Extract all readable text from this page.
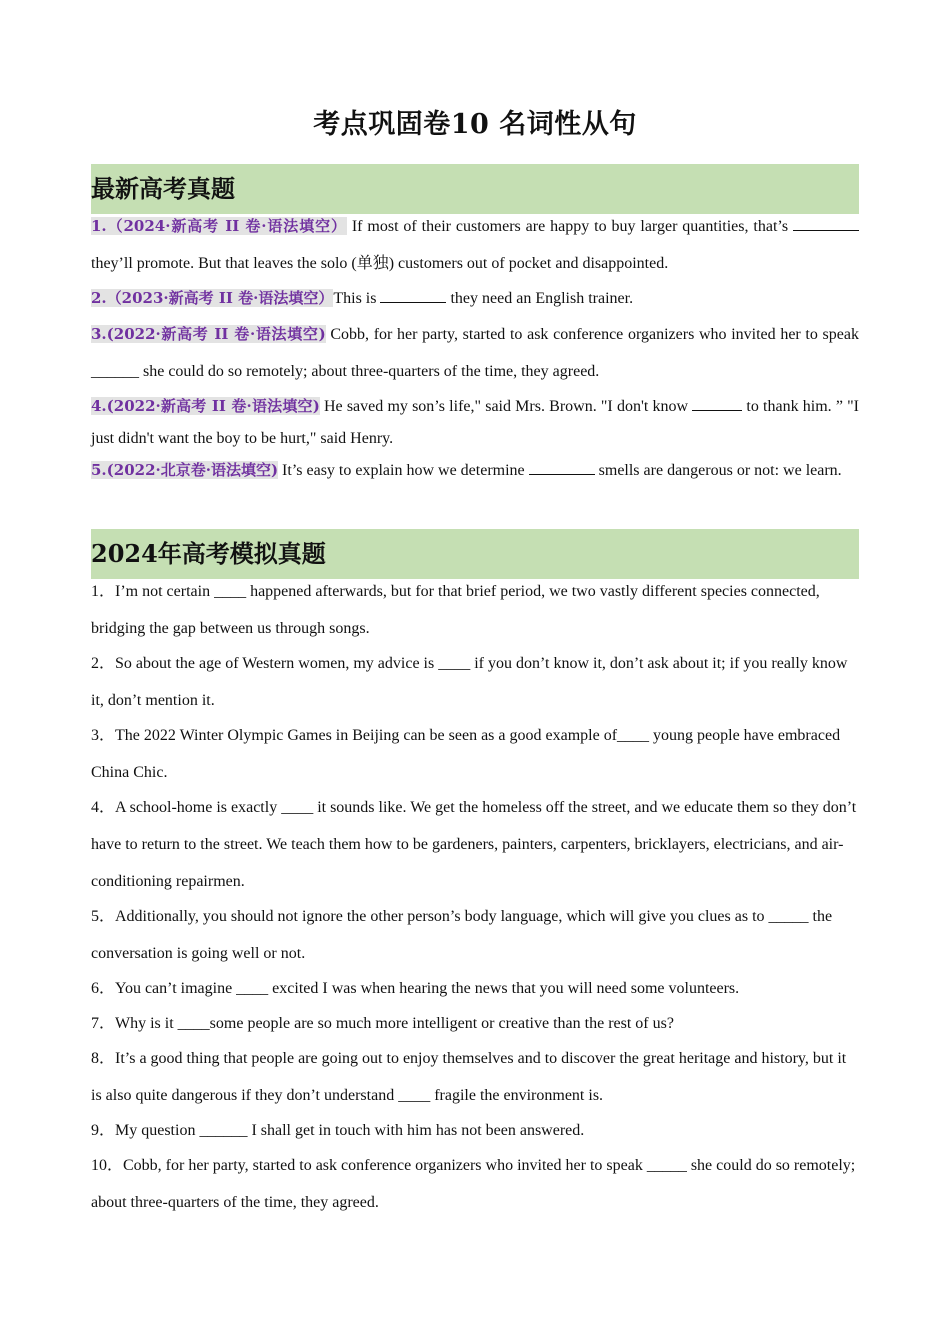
考点巩固卷10 名词性从句
最新高考真题
1.（2024·新高考 II 卷·语法填空） If most of their customers are happy to buy larger quantities, that’s  they’ll promote. But that leaves the solo (单独) customers out of pocket and disappointed.
2.（2023·新高考 II 卷·语法填空）This is	they need an English trainer.
3.(2022·新高考 II 卷·语法填空) Cobb, for her party, started to ask conference organizers who invited her to speak ______ she could do so remotely; about three-quarters of the time, they agreed.
4.(2022·新高考 II 卷·语法填空) He saved my son’s life," said Mrs. Brown. "I don't know	to thank him. ” "I just didn't want the boy to be hurt," said Henry.
5.(2022·北京卷·语法填空) It’s easy to explain how we determine	smells are dangerous or not: we learn.
2024年高考模拟真题
1．I’m not certain ____ happened afterwards, but for that brief period, we two vastly different species connected, bridging the gap between us through songs.
2．So about the age of Western women, my advice is ____ if you don’t know it, don’t ask about it; if you really know it, don’t mention it.
3．The 2022 Winter Olympic Games in Beijing can be seen as a good example of____ young people have embraced China Chic.
4．A school-home is exactly ____ it sounds like. We get the homeless off the street, and we educate them so they don’t have to return to the street. We teach them how to be gardeners, painters, carpenters, bricklayers, electricians, and air-conditioning repairmen.
5．Additionally, you should not ignore the other person’s body language, which will give you clues as to _____ the conversation is going well or not.
6．You can’t imagine ____ excited I was when hearing the news that you will need some volunteers.
7．Why is it ____some people are so much more intelligent or creative than the rest of us?
8．It’s a good thing that people are going out to enjoy themselves and to discover the great heritage and history, but it is also quite dangerous if they don’t understand ____ fragile the environment is.
9．My question ______ I shall get in touch with him has not been answered.
10．Cobb, for her party, started to ask conference organizers who invited her to speak _____ she could do so remotely; about three-quarters of the time, they agreed.
